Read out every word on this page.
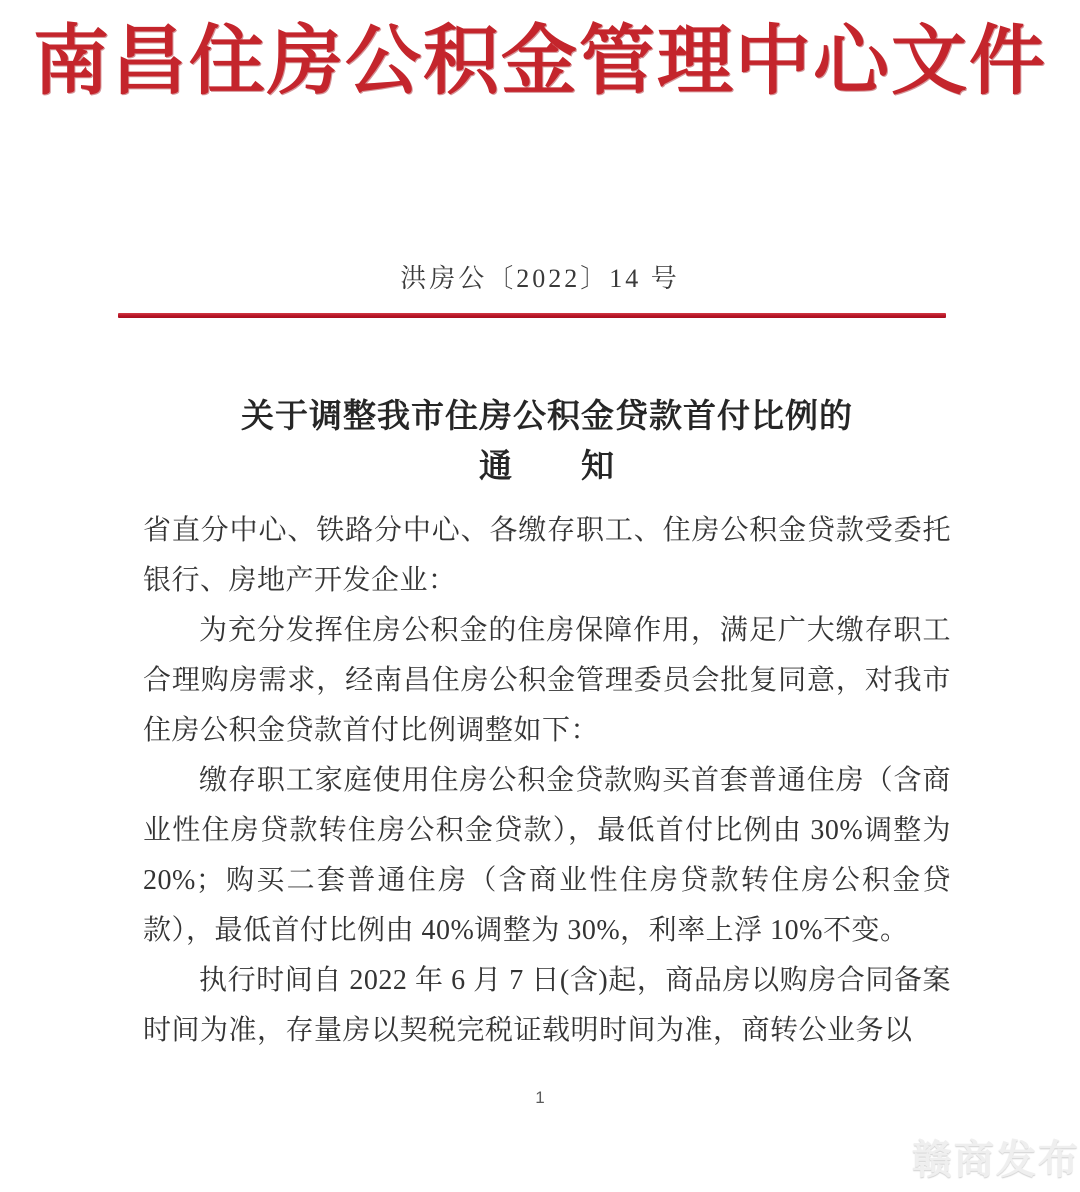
南昌住房公积金管理中心文件
洪房公〔2022〕14 号
关于调整我市住房公积金贷款首付比例的
通　　知

省直分中心、铁路分中心、各缴存职工、住房公积金贷款受委托银行、房地产开发企业：

为充分发挥住房公积金的住房保障作用，满足广大缴存职工合理购房需求，经南昌住房公积金管理委员会批复同意，对我市住房公积金贷款首付比例调整如下：

缴存职工家庭使用住房公积金贷款购买首套普通住房（含商业性住房贷款转住房公积金贷款），最低首付比例由 30%调整为 20%；购买二套普通住房（含商业性住房贷款转住房公积金贷款），最低首付比例由 40%调整为 30%，利率上浮 10%不变。

执行时间自 2022 年 6 月 7 日(含)起，商品房以购房合同备案时间为准，存量房以契税完税证载明时间为准，商转公业务以

1
赣商发布
